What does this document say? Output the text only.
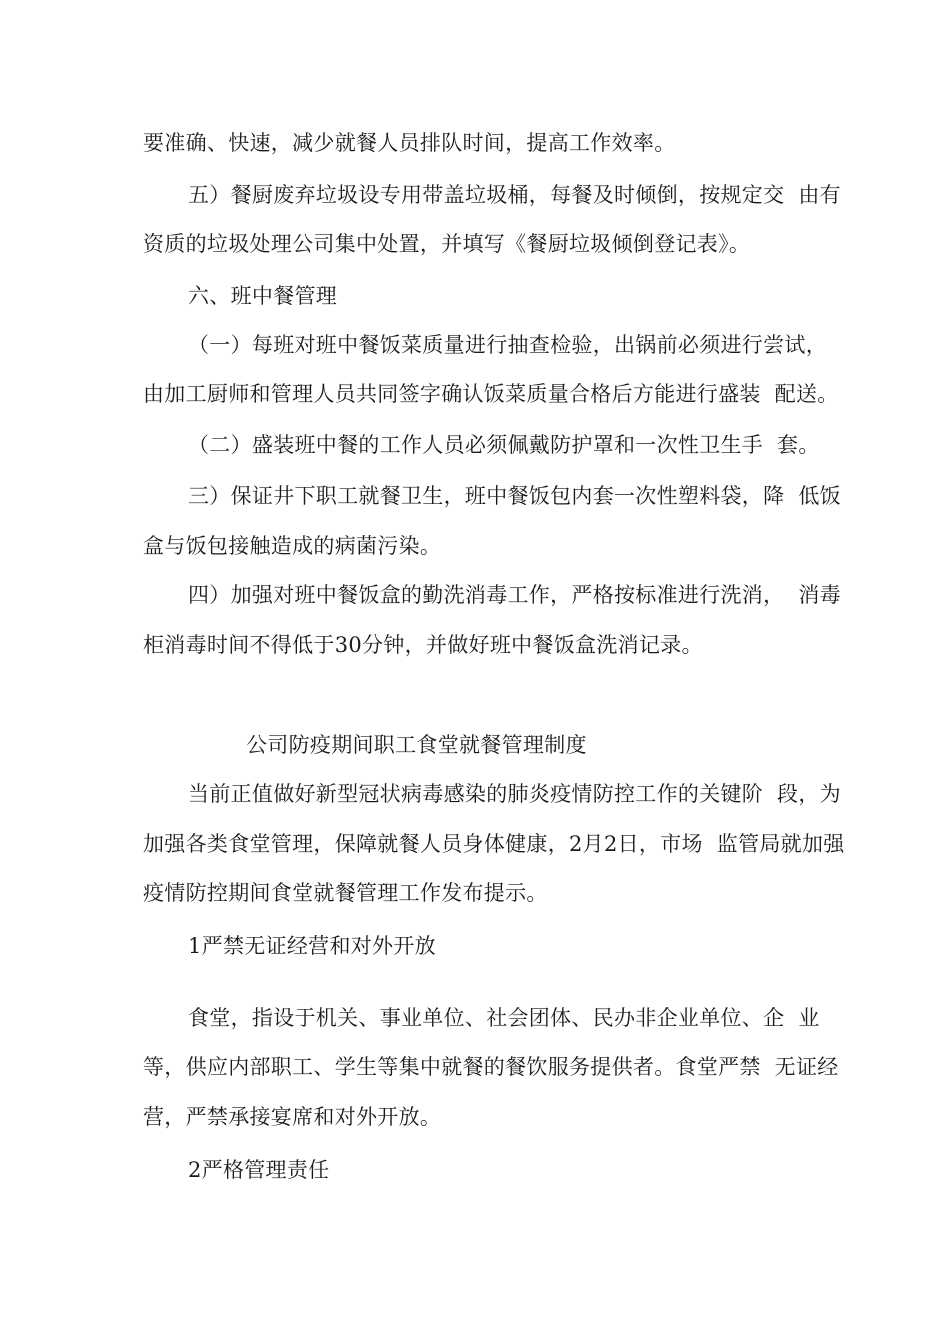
要准确、快速，减少就餐人员排队时间，提高工作效率。
五）餐厨废弃垃圾设专用带盖垃圾桶，每餐及时倾倒，按规定交  由有
资质的垃圾处理公司集中处置，并填写《餐厨垃圾倾倒登记表》。
六、班中餐管理
（一）每班对班中餐饭菜质量进行抽查检验，出锅前必须进行尝试，
由加工厨师和管理人员共同签字确认饭菜质量合格后方能进行盛装  配送。
（二）盛装班中餐的工作人员必须佩戴防护罩和一次性卫生手  套。
三）保证井下职工就餐卫生，班中餐饭包内套一次性塑料袋，降  低饭
盒与饭包接触造成的病菌污染。
四）加强对班中餐饭盒的勤洗消毒工作，严格按标准进行洗消，  消毒
柜消毒时间不得低于30分钟，并做好班中餐饭盒洗消记录。
公司防疫期间职工食堂就餐管理制度
当前正值做好新型冠状病毒感染的肺炎疫情防控工作的关键阶  段，为
加强各类食堂管理，保障就餐人员身体健康，2月2日，市场  监管局就加强
疫情防控期间食堂就餐管理工作发布提示。
1严禁无证经营和对外开放
食堂，指设于机关、事业单位、社会团体、民办非企业单位、企  业
等，供应内部职工、学生等集中就餐的餐饮服务提供者。食堂严禁  无证经
营，严禁承接宴席和对外开放。
2严格管理责任
